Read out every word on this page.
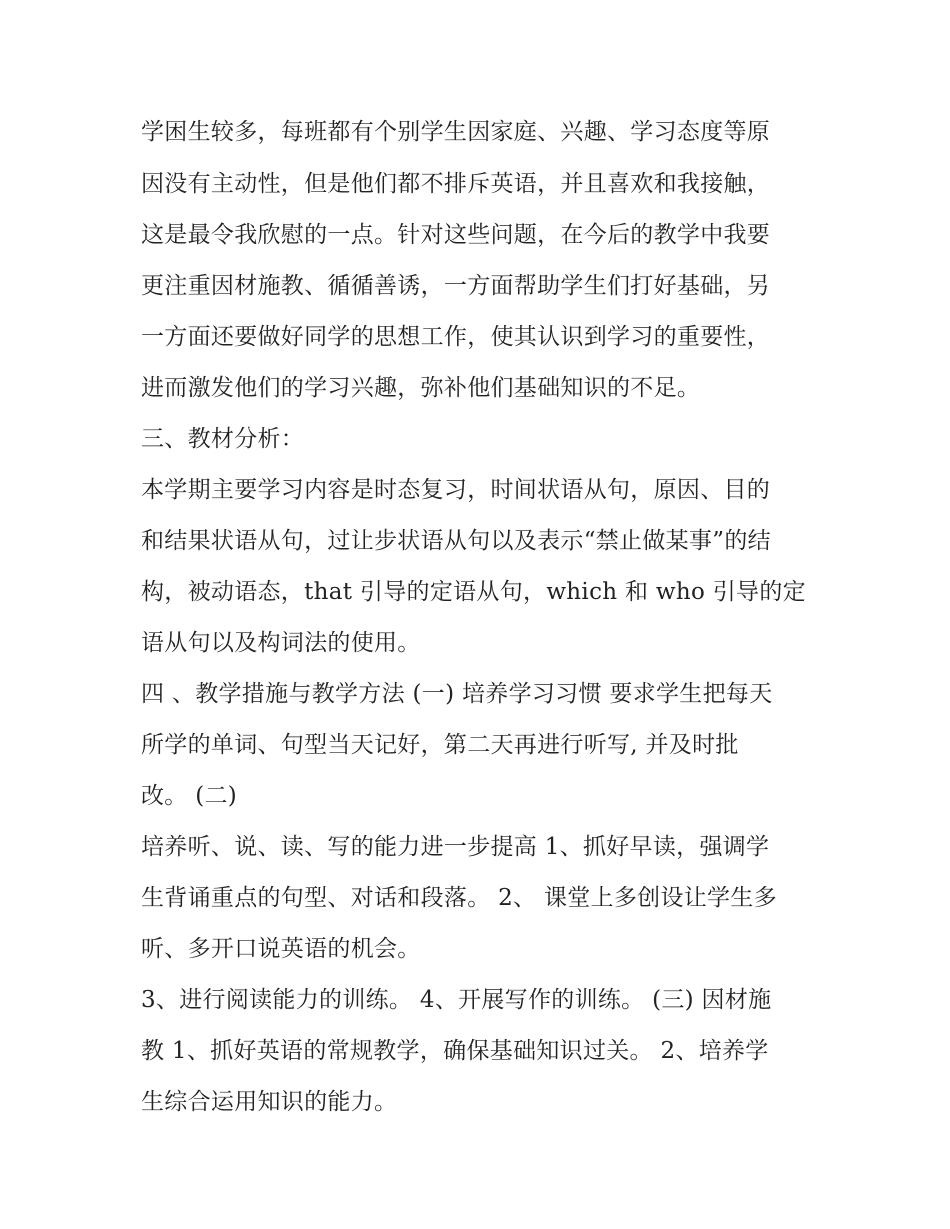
学困生较多，每班都有个别学生因家庭、兴趣、学习态度等原
因没有主动性，但是他们都不排斥英语，并且喜欢和我接触，
这是最令我欣慰的一点。针对这些问题，在今后的教学中我要
更注重因材施教、循循善诱，一方面帮助学生们打好基础，另
一方面还要做好同学的思想工作，使其认识到学习的重要性，
进而激发他们的学习兴趣，弥补他们基础知识的不足。
三、教材分析：
本学期主要学习内容是时态复习，时间状语从句，原因、目的
和结果状语从句，过让步状语从句以及表示“禁止做某事”的结
构，被动语态，that 引导的定语从句，which 和 who 引导的定
语从句以及构词法的使用。
四 、教学措施与教学方法 (一) 培养学习习惯 要求学生把每天
所学的单词、句型当天记好，第二天再进行听写, 并及时批
改。 (二)
培养听、说、读、写的能力进一步提高 1、抓好早读，强调学
生背诵重点的句型、对话和段落。 2、 课堂上多创设让学生多
听、多开口说英语的机会。
3、进行阅读能力的训练。 4、开展写作的训练。 (三) 因材施
教 1、抓好英语的常规教学，确保基础知识过关。 2、培养学
生综合运用知识的能力。
